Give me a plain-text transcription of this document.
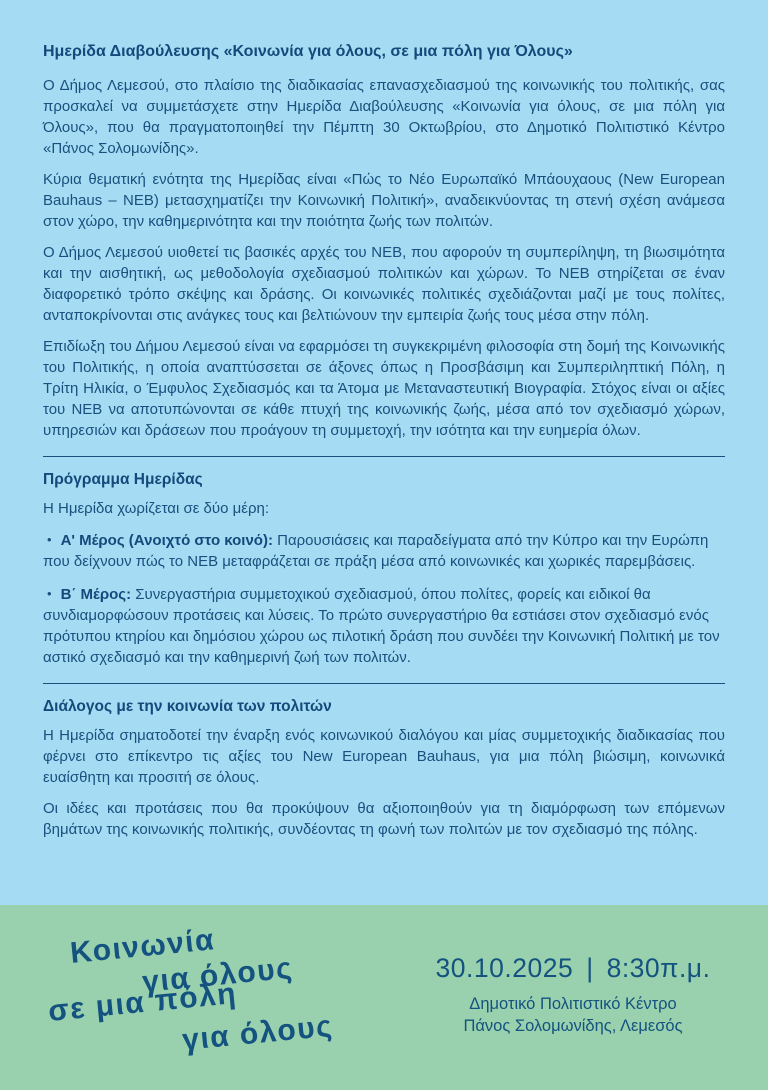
Ημερίδα Διαβούλευσης «Κοινωνία για όλους, σε μια πόλη για Όλους»

Ο Δήμος Λεμεσού, στο πλαίσιο της διαδικασίας επανασχεδιασμού της κοινωνικής του πολιτικής, σας προσκαλεί να συμμετάσχετε στην Ημερίδα Διαβούλευσης «Κοινωνία για όλους, σε μια πόλη για Όλους», που θα πραγματοποιηθεί την Πέμπτη 30 Οκτωβρίου, στο Δημοτικό Πολιτιστικό Κέντρο «Πάνος Σολομωνίδης».

Κύρια θεματική ενότητα της Ημερίδας είναι «Πώς το Νέο Ευρωπαϊκό Μπάουχαους (New European Bauhaus – NEB) μετασχηματίζει την Κοινωνική Πολιτική», αναδεικνύοντας τη στενή σχέση ανάμεσα στον χώρο, την καθημερινότητα και την ποιότητα ζωής των πολιτών.

Ο Δήμος Λεμεσού υιοθετεί τις βασικές αρχές του NEB, που αφορούν τη συμπερίληψη, τη βιωσιμότητα και την αισθητική, ως μεθοδολογία σχεδιασμού πολιτικών και χώρων. Το NEB στηρίζεται σε έναν διαφορετικό τρόπο σκέψης και δράσης. Οι κοινωνικές πολιτικές σχεδιάζονται μαζί με τους πολίτες, ανταποκρίνονται στις ανάγκες τους και βελτιώνουν την εμπειρία ζωής τους μέσα στην πόλη.

Επιδίωξη του Δήμου Λεμεσού είναι να εφαρμόσει τη συγκεκριμένη φιλοσοφία στη δομή της Κοινωνικής του Πολιτικής, η οποία αναπτύσσεται σε άξονες όπως η Προσβάσιμη και Συμπεριληπτική Πόλη, η Τρίτη Ηλικία, ο Έμφυλος Σχεδιασμός και τα Άτομα με Μεταναστευτική Βιογραφία. Στόχος είναι οι αξίες του NEB να αποτυπώνονται σε κάθε πτυχή της κοινωνικής ζωής, μέσα από τον σχεδιασμό χώρων, υπηρεσιών και δράσεων που προάγουν τη συμμετοχή, την ισότητα και την ευημερία όλων.

Πρόγραμμα Ημερίδας

Η Ημερίδα χωρίζεται σε δύο μέρη:

• Α' Μέρος (Ανοιχτό στο κοινό): Παρουσιάσεις και παραδείγματα από την Κύπρο και την Ευρώπη που δείχνουν πώς το NEB μεταφράζεται σε πράξη μέσα από κοινωνικές και χωρικές παρεμβάσεις.

• Β΄ Μέρος: Συνεργαστήρια συμμετοχικού σχεδιασμού, όπου πολίτες, φορείς και ειδικοί θα συνδιαμορφώσουν προτάσεις και λύσεις. Το πρώτο συνεργαστήριο θα εστιάσει στον σχεδιασμό ενός πρότυπου κτηρίου και δημόσιου χώρου ως πιλοτική δράση που συνδέει την Κοινωνική Πολιτική με τον αστικό σχεδιασμό και την καθημερινή ζωή των πολιτών.

Διάλογος με την κοινωνία των πολιτών

Η Ημερίδα σηματοδοτεί την έναρξη ενός κοινωνικού διαλόγου και μίας συμμετοχικής διαδικασίας που φέρνει στο επίκεντρο τις αξίες του New European Bauhaus, για μια πόλη βιώσιμη, κοινωνικά ευαίσθητη και προσιτή σε όλους.

Οι ιδέες και προτάσεις που θα προκύψουν θα αξιοποιηθούν για τη διαμόρφωση των επόμενων βημάτων της κοινωνικής πολιτικής, συνδέοντας τη φωνή των πολιτών με τον σχεδιασμό της πόλης.

Κοινωνία
για όλους
σε μια πόλη
για όλους
30.10.2025 | 8:30π.μ.
Δημοτικό Πολιτιστικό Κέντρο
Πάνος Σολομωνίδης, Λεμεσός
